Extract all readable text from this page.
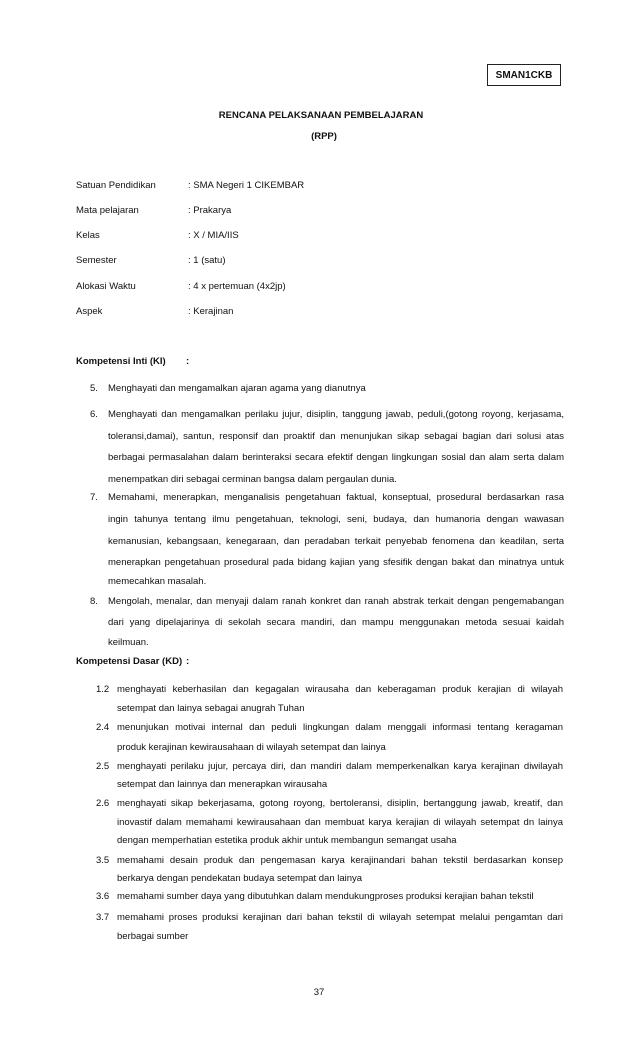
SMAN1CKB
RENCANA PELAKSANAAN PEMBELAJARAN
(RPP)
Satuan Pendidikan	: SMA Negeri 1 CIKEMBAR
Mata pelajaran	: Prakarya
Kelas	: X / MIA/IIS
Semester	: 1 (satu)
Alokasi Waktu	: 4 x pertemuan (4x2jp)
Aspek	: Kerajinan
Kompetensi Inti (KI) :
5. Menghayati dan mengamalkan ajaran agama yang dianutnya
6. Menghayati dan mengamalkan perilaku jujur, disiplin, tanggung jawab, peduli,(gotong royong, kerjasama,
toleransi,damai), santun, responsif dan proaktif dan menunjukan sikap sebagai bagian dari solusi atas
berbagai permasalahan dalam berinteraksi secara efektif dengan lingkungan sosial dan alam serta dalam
menempatkan diri sebagai cerminan bangsa dalam pergaulan dunia.
7. Memahami, menerapkan, menganalisis pengetahuan faktual, konseptual, prosedural berdasarkan rasa
ingin tahunya tentang ilmu pengetahuan, teknologi, seni, budaya, dan humanoria dengan wawasan
kemanusian, kebangsaan, kenegaraan, dan peradaban terkait penyebab fenomena dan keadilan, serta
menerapkan pengetahuan prosedural pada bidang kajian yang sfesifik dengan bakat dan minatnya untuk
memecahkan masalah.
8. Mengolah, menalar, dan menyaji dalam ranah konkret dan ranah abstrak terkait dengan pengemabangan
dari yang dipelajarinya di sekolah secara mandiri, dan mampu menggunakan metoda sesuai kaidah
keilmuan.
Kompetensi Dasar (KD) :
1.2 menghayati keberhasilan dan kegagalan wirausaha dan keberagaman produk kerajian di wilayah
setempat dan lainya sebagai anugrah Tuhan
2.4 menunjukan motivai internal dan peduli lingkungan dalam menggali informasi tentang keragaman
produk kerajinan kewirausahaan di wilayah setempat dan lainya
2.5 menghayati perilaku jujur, percaya diri, dan mandiri dalam memperkenalkan karya kerajinan diwilayah
setempat dan lainnya dan menerapkan wirausaha
2.6 menghayati sikap bekerjasama, gotong royong, bertoleransi, disiplin, bertanggung jawab, kreatif, dan
inovastif dalam memahami kewirausahaan dan membuat karya kerajian di wilayah setempat dn lainya
dengan memperhatian estetika produk akhir untuk membangun semangat usaha
3.5 memahami desain produk dan pengemasan karya kerajinandari bahan tekstil berdasarkan konsep
berkarya dengan pendekatan budaya setempat dan lainya
3.6 memahami sumber daya yang dibutuhkan dalam mendukungproses produksi kerajian bahan tekstil
3.7 memahami proses produksi kerajinan dari bahan tekstil di wilayah setempat melalui pengamtan dari
berbagai sumber
37
